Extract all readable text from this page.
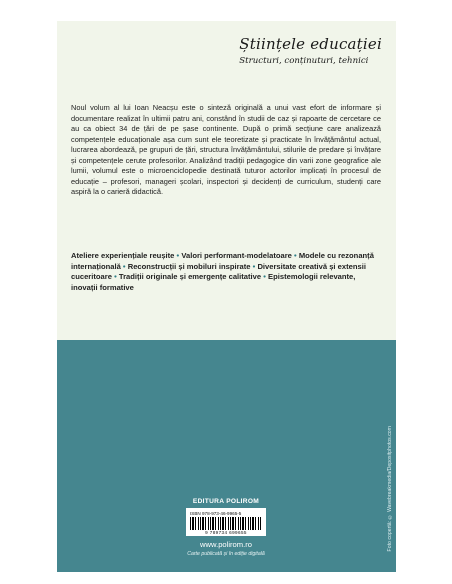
Științele educației
Structuri, conținuturi, tehnici
Noul volum al lui Ioan Neacșu este o sinteză originală a unui vast efort de informare și documentare realizat în ultimii patru ani, constând în studii de caz și rapoarte de cercetare ce au ca obiect 34 de țări de pe șase continente. După o primă secțiune care analizează competențele educaționale așa cum sunt ele teoretizate și practicate în învățământul actual, lucrarea abordează, pe grupuri de țări, structura învățământului, stilurile de predare și învățare și competențele cerute profesorilor. Analizând tradiții pedagogice din varii zone geografice ale lumii, volumul este o microenciclopedie destinată tuturor actorilor implicați în procesul de educație – profesori, manageri școlari, inspectori și decidenți de curriculum, studenți care aspiră la o carieră didactică.
Ateliere experiențiale reușite • Valori performant-modelatoare • Modele cu rezonanță internațională • Reconstrucții și mobiluri inspirate • Diversitate creativă și extensii cuceritoare • Tradiții originale și emergențe calitative • Epistemologii relevante, inovații formative
Foto copertă: © Wavebreakmedia/Depositphotos.com
EDITURA POLIROM
ISBN 978-973-46-9965-5
9 789734 699655
www.polirom.ro
Carte publicată și în ediție digitală
